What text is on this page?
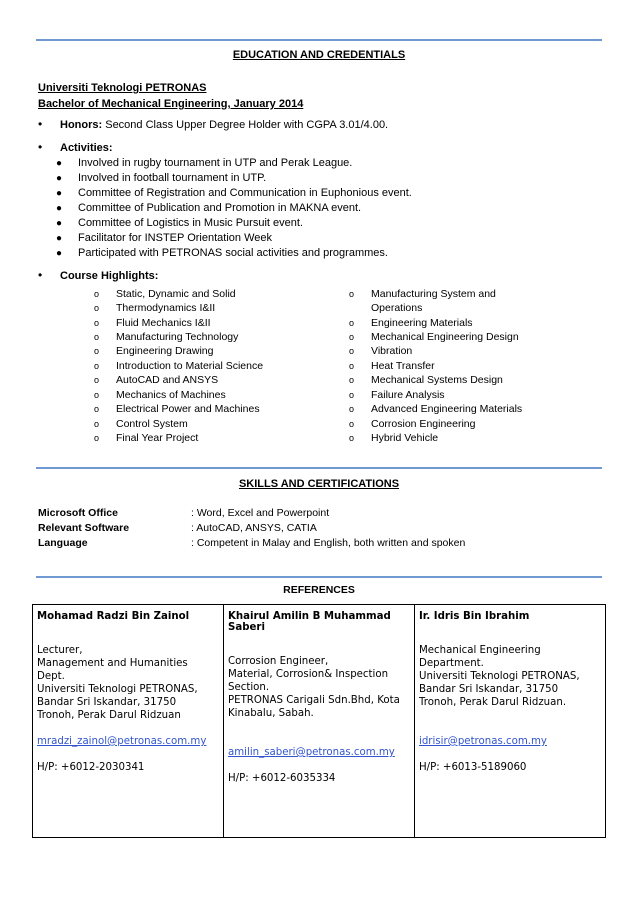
EDUCATION AND CREDENTIALS
Universiti Teknologi PETRONAS
Bachelor of Mechanical Engineering, January 2014
• Honors: Second Class Upper Degree Holder with CGPA 3.01/4.00.
• Activities:
● Involved in rugby tournament in UTP and Perak League.
● Involved in football tournament in UTP.
● Committee of Registration and Communication in Euphonious event.
● Committee of Publication and Promotion in MAKNA event.
● Committee of Logistics in Music Pursuit event.
● Facilitator for INSTEP Orientation Week
● Participated with PETRONAS social activities and programmes.
• Course Highlights:
o Static, Dynamic and Solid
o Thermodynamics I&II
o Fluid Mechanics I&II
o Manufacturing Technology
o Engineering Drawing
o Introduction to Material Science
o AutoCAD and ANSYS
o Mechanics of Machines
o Electrical Power and Machines
o Control System
o Final Year Project
o Manufacturing System and
Operations
o Engineering Materials
o Mechanical Engineering Design
o Vibration
o Heat Transfer
o Mechanical Systems Design
o Failure Analysis
o Advanced Engineering Materials
o Corrosion Engineering
o Hybrid Vehicle
SKILLS AND CERTIFICATIONS
Microsoft Office	: Word, Excel and Powerpoint
Relevant Software	: AutoCAD, ANSYS, CATIA
Language	: Competent in Malay and English, both written and spoken
REFERENCES
Mohamad Radzi Bin Zainol
Lecturer,
Management and Humanities
Dept.
Universiti Teknologi PETRONAS,
Bandar Sri Iskandar, 31750
Tronoh, Perak Darul Ridzuan
mradzi_zainol@petronas.com.my
H/P: +6012-2030341

Khairul Amilin B Muhammad Saberi
Corrosion Engineer,
Material, Corrosion& Inspection
Section.
PETRONAS Carigali Sdn.Bhd, Kota
Kinabalu, Sabah.

amilin_saberi@petronas.com.my
H/P: +6012-6035334

Ir. Idris Bin Ibrahim
Mechanical Engineering
Department.
Universiti Teknologi PETRONAS,
Bandar Sri Iskandar, 31750
Tronoh, Perak Darul Ridzuan.

idrisir@petronas.com.my
H/P: +6013-5189060
